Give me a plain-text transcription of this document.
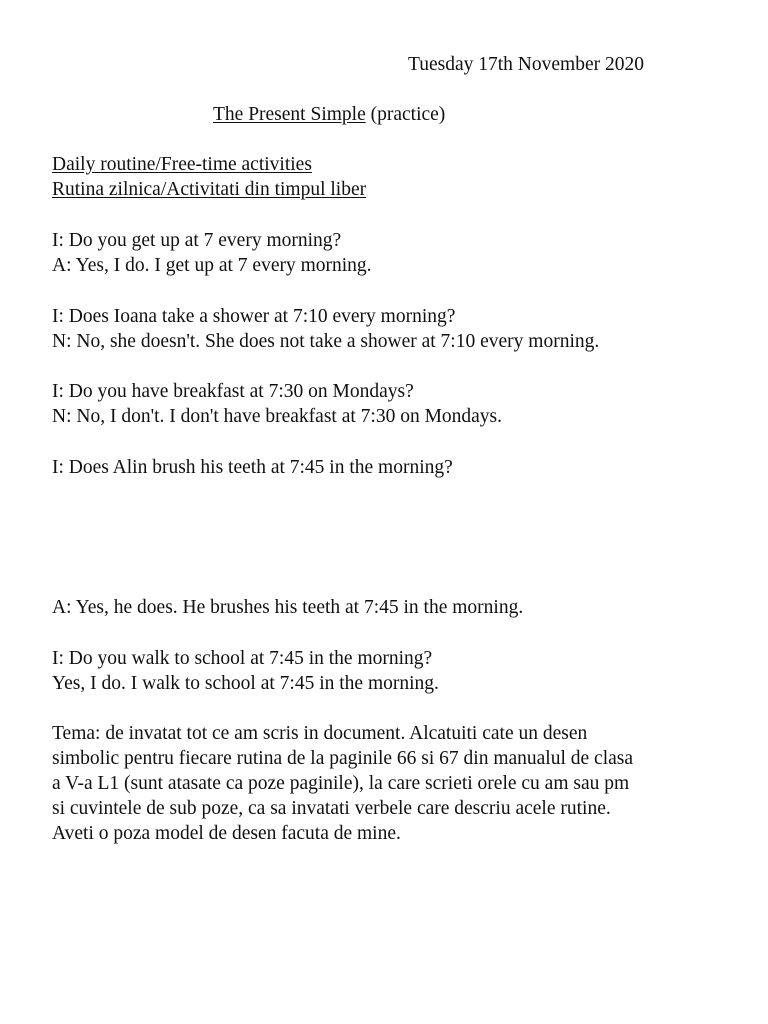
Tuesday 17th November 2020
The Present Simple (practice)
Daily routine/Free-time activities
Rutina zilnica/Activitati din timpul liber
I: Do you get up at 7 every morning?
A: Yes, I do. I get up at 7 every morning.
I: Does Ioana take a shower at 7:10 every morning?
N: No, she doesn't. She does not take a shower at 7:10 every morning.
I: Do you have breakfast at 7:30 on Mondays?
N: No, I don't. I don't have breakfast at 7:30 on Mondays.
I: Does Alin brush his teeth at 7:45 in the morning?
A: Yes, he does. He brushes his teeth at 7:45 in the morning.
I: Do you walk to school at 7:45 in the morning?
Yes, I do. I walk to school at 7:45 in the morning.
Tema: de invatat tot ce am scris in document. Alcatuiti cate un desen
simbolic pentru fiecare rutina de la paginile 66 si 67 din manualul de clasa
a V-a L1 (sunt atasate ca poze paginile), la care scrieti orele cu am sau pm
si cuvintele de sub poze, ca sa invatati verbele care descriu acele rutine.
Aveti o poza model de desen facuta de mine.
